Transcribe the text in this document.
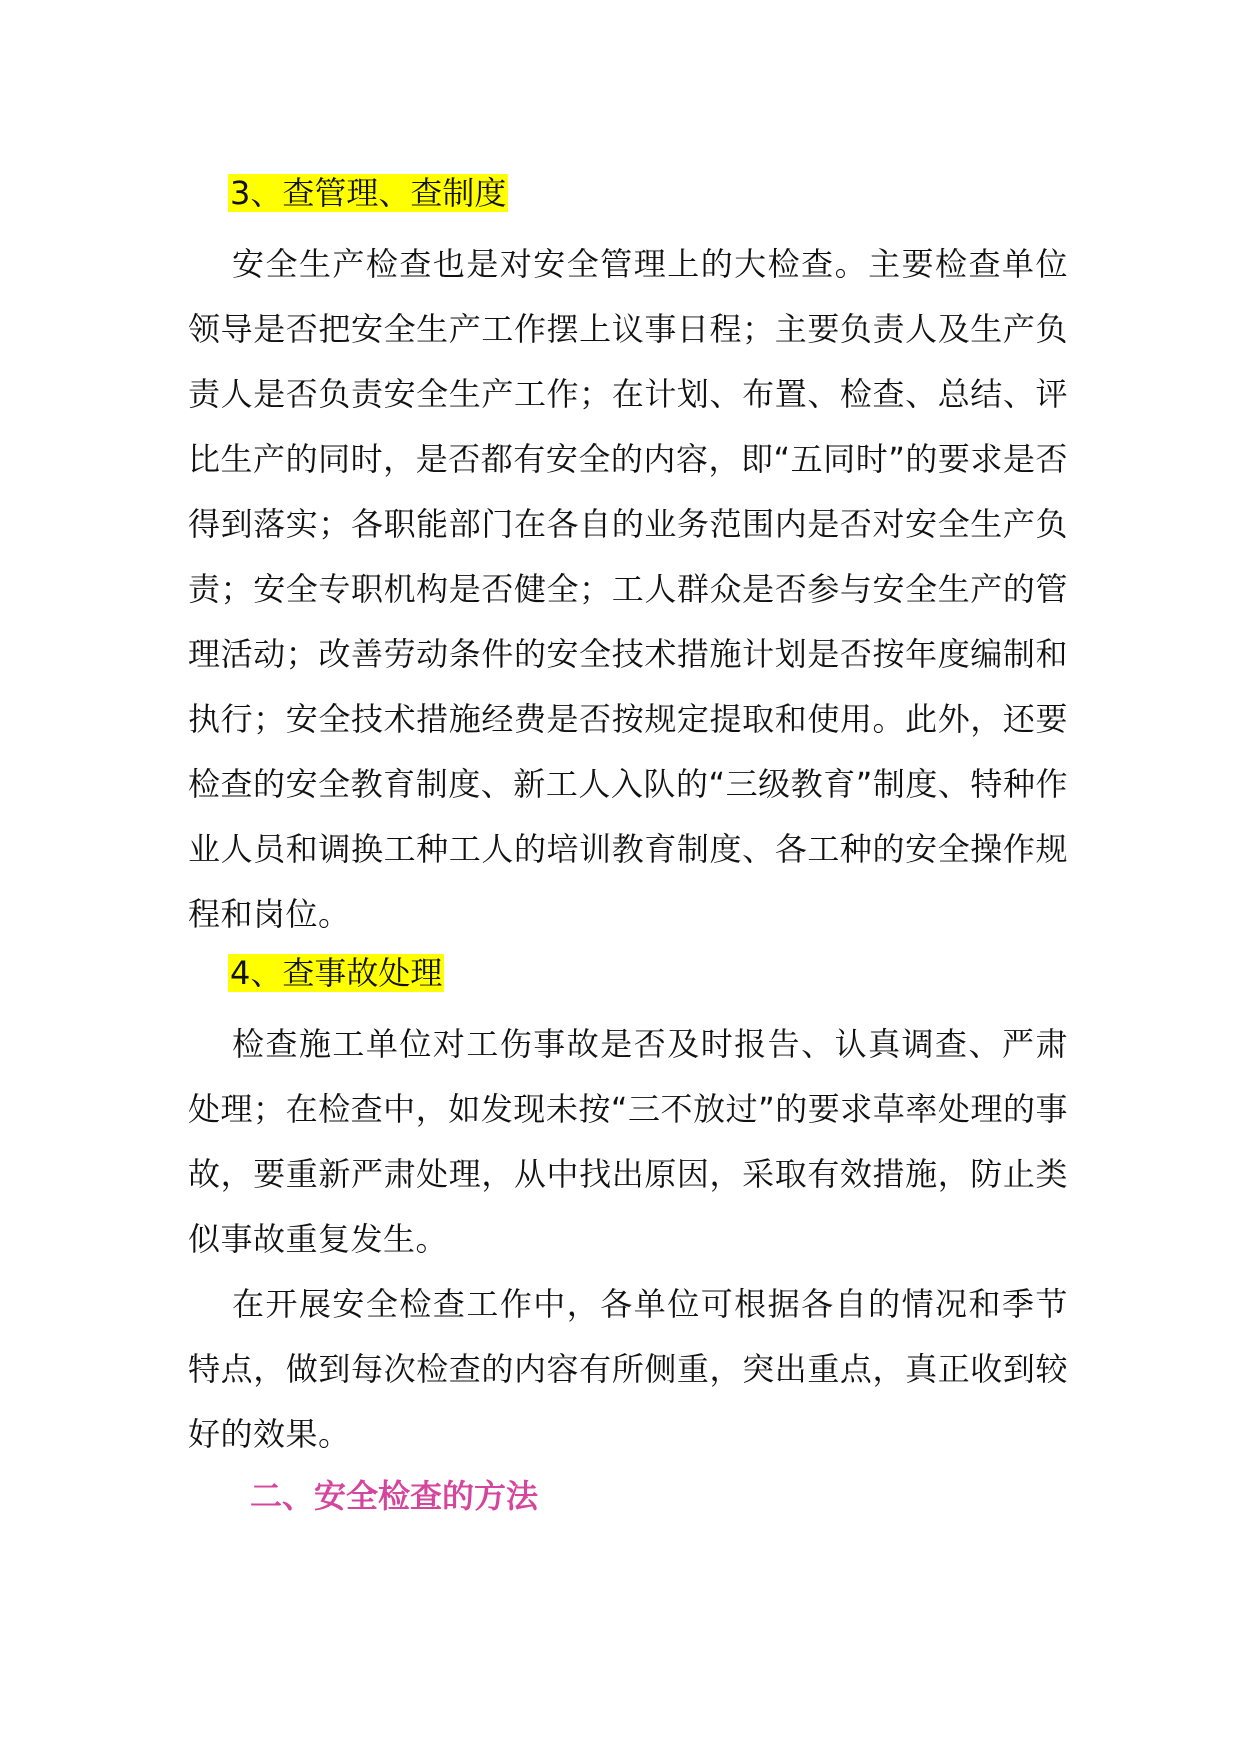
3、查管理、查制度

安全生产检查也是对安全管理上的大检查。主要检查单位领导是否把安全生产工作摆上议事日程；主要负责人及生产负责人是否负责安全生产工作；在计划、布置、检查、总结、评比生产的同时，是否都有安全的内容，即“五同时”的要求是否得到落实；各职能部门在各自的业务范围内是否对安全生产负责；安全专职机构是否健全；工人群众是否参与安全生产的管理活动；改善劳动条件的安全技术措施计划是否按年度编制和执行；安全技术措施经费是否按规定提取和使用。此外，还要检查的安全教育制度、新工人入队的“三级教育”制度、特种作业人员和调换工种工人的培训教育制度、各工种的安全操作规程和岗位。

4、查事故处理

检查施工单位对工伤事故是否及时报告、认真调查、严肃处理；在检查中，如发现未按“三不放过”的要求草率处理的事故，要重新严肃处理，从中找出原因，采取有效措施，防止类似事故重复发生。

在开展安全检查工作中，各单位可根据各自的情况和季节特点，做到每次检查的内容有所侧重，突出重点，真正收到较好的效果。

二、安全检查的方法
